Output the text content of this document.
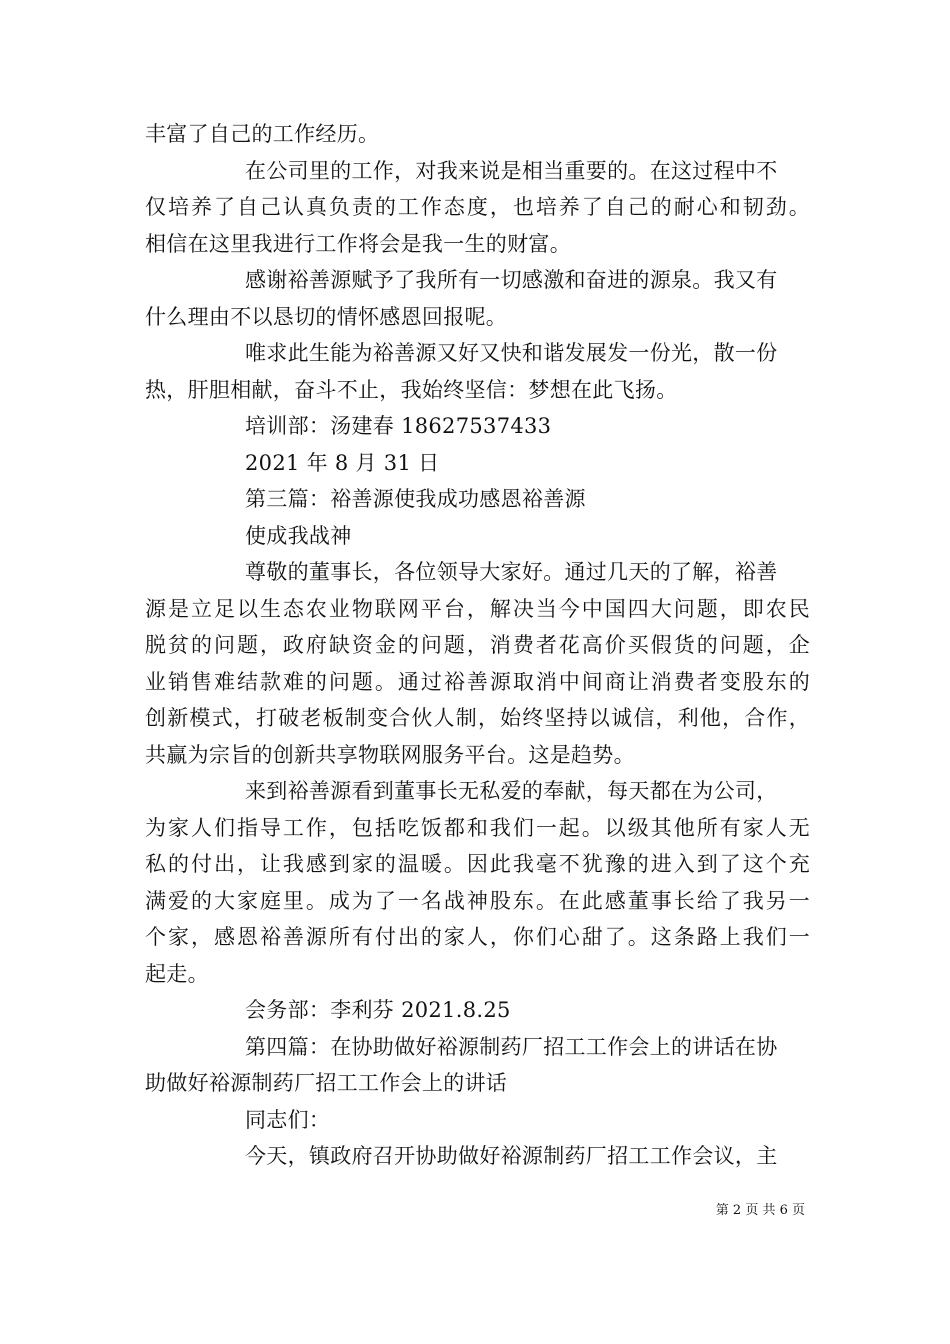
丰富了自己的工作经历。
在公司里的工作，对我来说是相当重要的。在这过程中不
仅培养了自己认真负责的工作态度，也培养了自己的耐心和韧劲。
相信在这里我进行工作将会是我一生的财富。
感谢裕善源赋予了我所有一切感激和奋进的源泉。我又有
什么理由不以恳切的情怀感恩回报呢。
唯求此生能为裕善源又好又快和谐发展发一份光，散一份
热，肝胆相献，奋斗不止，我始终坚信：梦想在此飞扬。
培训部：汤建春 18627537433
2021 年 8 月 31 日
第三篇：裕善源使我成功感恩裕善源
使成我战神
尊敬的董事长，各位领导大家好。通过几天的了解，裕善
源是立足以生态农业物联网平台，解决当今中国四大问题，即农民
脱贫的问题，政府缺资金的问题，消费者花高价买假货的问题，企
业销售难结款难的问题。通过裕善源取消中间商让消费者变股东的
创新模式，打破老板制变合伙人制，始终坚持以诚信，利他，合作，
共赢为宗旨的创新共享物联网服务平台。这是趋势。
来到裕善源看到董事长无私爱的奉献，每天都在为公司，
为家人们指导工作，包括吃饭都和我们一起。以级其他所有家人无
私的付出，让我感到家的温暖。因此我毫不犹豫的进入到了这个充
满爱的大家庭里。成为了一名战神股东。在此感董事长给了我另一
个家，感恩裕善源所有付出的家人，你们心甜了。这条路上我们一
起走。
会务部：李利芬 2021.8.25
第四篇：在协助做好裕源制药厂招工工作会上的讲话在协
助做好裕源制药厂招工工作会上的讲话
同志们：
今天，镇政府召开协助做好裕源制药厂招工工作会议，主
第 2 页 共 6 页
